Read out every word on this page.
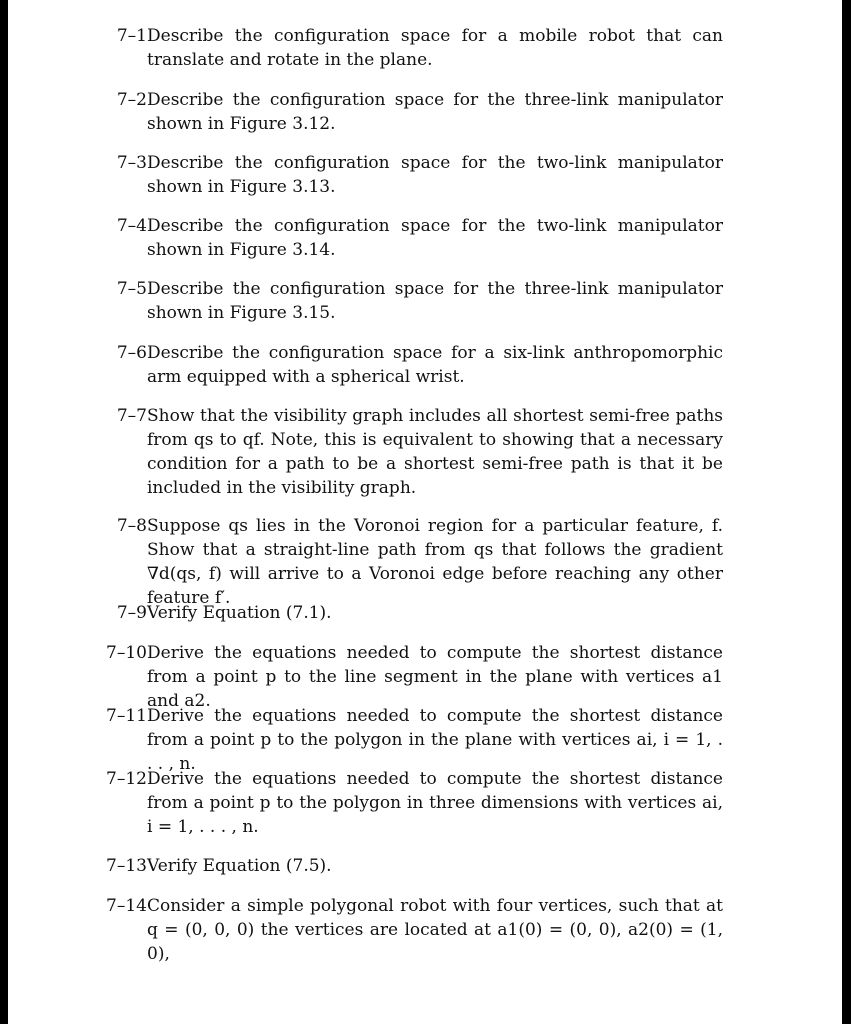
7–1 Describe the configuration space for a mobile robot that can translate and rotate in the plane.
7–2 Describe the configuration space for the three-link manipulator shown in Figure 3.12.
7–3 Describe the configuration space for the two-link manipulator shown in Figure 3.13.
7–4 Describe the configuration space for the two-link manipulator shown in Figure 3.14.
7–5 Describe the configuration space for the three-link manipulator shown in Figure 3.15.
7–6 Describe the configuration space for a six-link anthropomorphic arm equipped with a spherical wrist.
7–7 Show that the visibility graph includes all shortest semi-free paths from qs to qf. Note, this is equivalent to showing that a necessary condition for a path to be a shortest semi-free path is that it be included in the visibility graph.
7–8 Suppose qs lies in the Voronoi region for a particular feature, f. Show that a straight-line path from qs that follows the gradient ∇d(qs, f) will arrive to a Voronoi edge before reaching any other feature f′.
7–9 Verify Equation (7.1).
7–10 Derive the equations needed to compute the shortest distance from a point p to the line segment in the plane with vertices a1 and a2.
7–11 Derive the equations needed to compute the shortest distance from a point p to the polygon in the plane with vertices ai, i = 1, . . . , n.
7–12 Derive the equations needed to compute the shortest distance from a point p to the polygon in three dimensions with vertices ai, i = 1, . . . , n.
7–13 Verify Equation (7.5).
7–14 Consider a simple polygonal robot with four vertices, such that at q = (0, 0, 0) the vertices are located at a1(0) = (0, 0), a2(0) = (1, 0),
